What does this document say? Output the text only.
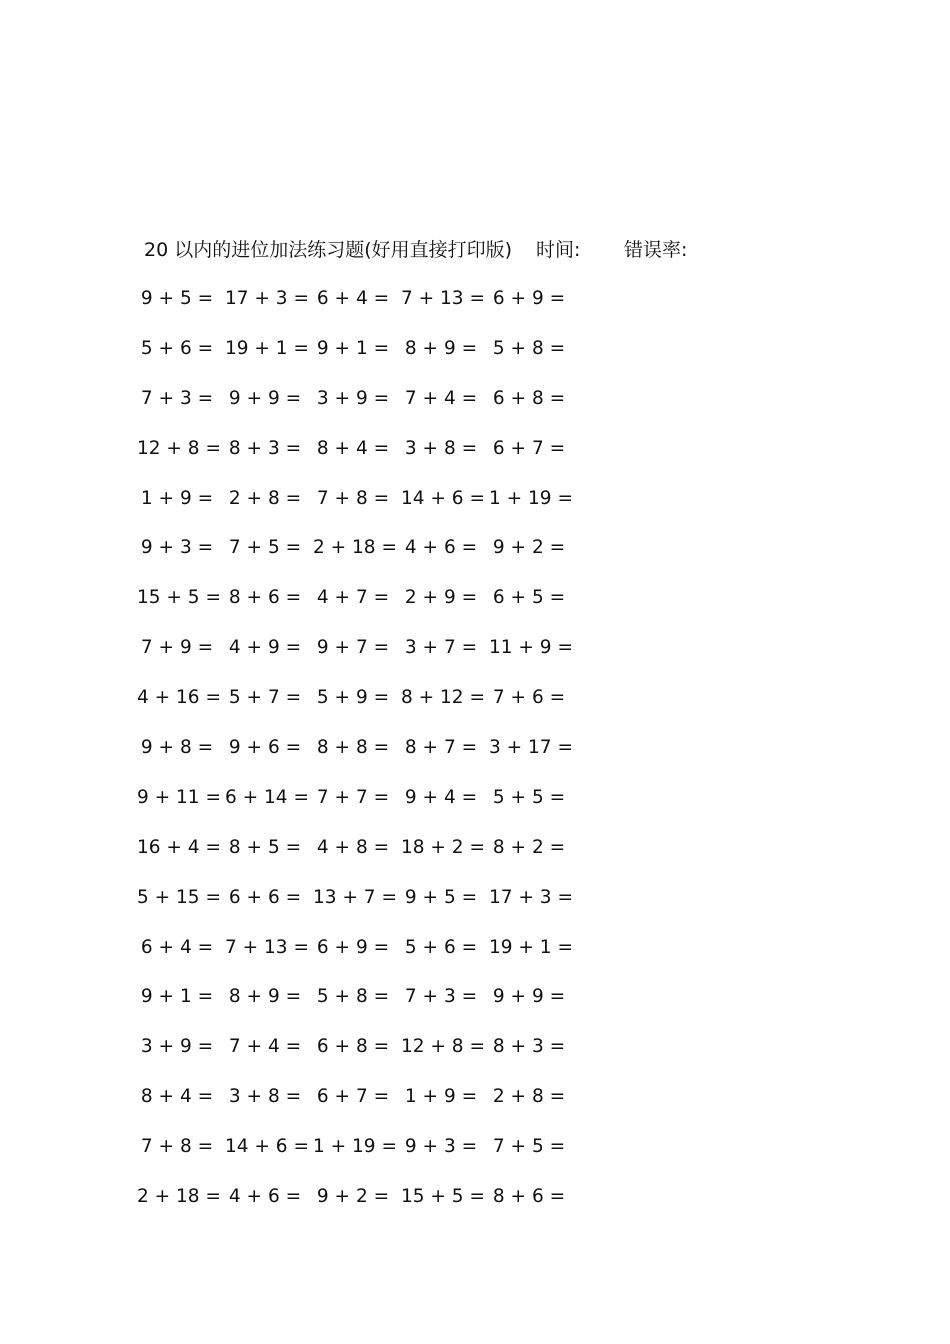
20 以内的进位加法练习题(好用直接打印版) 时间: 错误率:
9 + 5 = 17 + 3 = 6 + 4 = 7 + 13 = 6 + 9 =
5 + 6 = 19 + 1 = 9 + 1 = 8 + 9 = 5 + 8 =
7 + 3 = 9 + 9 = 3 + 9 = 7 + 4 = 6 + 8 =
12 + 8 = 8 + 3 = 8 + 4 = 3 + 8 = 6 + 7 =
1 + 9 = 2 + 8 = 7 + 8 = 14 + 6 = 1 + 19 =
9 + 3 = 7 + 5 = 2 + 18 = 4 + 6 = 9 + 2 =
15 + 5 = 8 + 6 = 4 + 7 = 2 + 9 = 6 + 5 =
7 + 9 = 4 + 9 = 9 + 7 = 3 + 7 = 11 + 9 =
4 + 16 = 5 + 7 = 5 + 9 = 8 + 12 = 7 + 6 =
9 + 8 = 9 + 6 = 8 + 8 = 8 + 7 = 3 + 17 =
9 + 11 = 6 + 14 = 7 + 7 = 9 + 4 = 5 + 5 =
16 + 4 = 8 + 5 = 4 + 8 = 18 + 2 = 8 + 2 =
5 + 15 = 6 + 6 = 13 + 7 = 9 + 5 = 17 + 3 =
6 + 4 = 7 + 13 = 6 + 9 = 5 + 6 = 19 + 1 =
9 + 1 = 8 + 9 = 5 + 8 = 7 + 3 = 9 + 9 =
3 + 9 = 7 + 4 = 6 + 8 = 12 + 8 = 8 + 3 =
8 + 4 = 3 + 8 = 6 + 7 = 1 + 9 = 2 + 8 =
7 + 8 = 14 + 6 = 1 + 19 = 9 + 3 = 7 + 5 =
2 + 18 = 4 + 6 = 9 + 2 = 15 + 5 = 8 + 6 =
